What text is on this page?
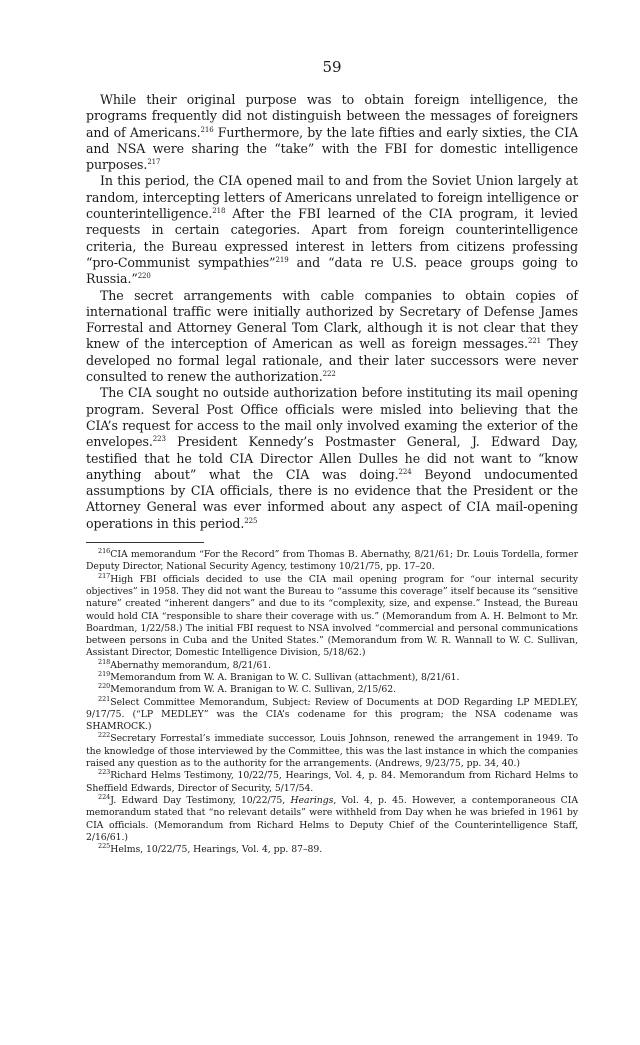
59

While their original purpose was to obtain foreign intelligence, the programs frequently did not distinguish between the messages of foreigners and of Americans.$^{216}$ Furthermore, by the late fifties and early sixties, the CIA and NSA were sharing the “take” with the FBI for domestic intelligence purposes.$^{217}$

In this period, the CIA opened mail to and from the Soviet Union largely at random, intercepting letters of Americans unrelated to foreign intelligence or counterintelligence.$^{218}$ After the FBI learned of the CIA program, it levied requests in certain categories. Apart from foreign counterintelligence criteria, the Bureau expressed interest in letters from citizens professing “pro-Communist sympathies”$^{219}$ and “data re U.S. peace groups going to Russia.”$^{220}$

The secret arrangements with cable companies to obtain copies of international traffic were initially authorized by Secretary of Defense James Forrestal and Attorney General Tom Clark, although it is not clear that they knew of the interception of American as well as foreign messages.$^{221}$ They developed no formal legal rationale, and their later successors were never consulted to renew the authorization.$^{222}$

The CIA sought no outside authorization before instituting its mail opening program. Several Post Office officials were misled into believing that the CIA’s request for access to the mail only involved examing the exterior of the envelopes.$^{223}$ President Kennedy’s Postmaster General, J. Edward Day, testified that he told CIA Director Allen Dulles he did not want to “know anything about” what the CIA was doing.$^{224}$ Beyond undocumented assumptions by CIA officials, there is no evidence that the President or the Attorney General was ever informed about any aspect of CIA mail-opening operations in this period.$^{225}$

$^{216}$CIA memorandum “For the Record” from Thomas B. Abernathy, 8/21/61; Dr. Louis Tordella, former Deputy Director, National Security Agency, testimony 10/21/75, pp. 17–20.

$^{217}$High FBI officials decided to use the CIA mail opening program for “our internal security objectives” in 1958. They did not want the Bureau to “assume this coverage” itself because its “sensitive nature” created “inherent dangers” and due to its “complexity, size, and expense.” Instead, the Bureau would hold CIA “responsible to share their coverage with us.” (Memorandum from A. H. Belmont to Mr. Boardman, 1/22/58.) The initial FBI request to NSA involved “commercial and personal communications between persons in Cuba and the United States.” (Memorandum from W. R. Wannall to W. C. Sullivan, Assistant Director, Domestic Intelligence Division, 5/18/62.)

$^{218}$Abernathy memorandum, 8/21/61.

$^{219}$Memorandum from W. A. Branigan to W. C. Sullivan (attachment), 8/21/61.

$^{220}$Memorandum from W. A. Branigan to W. C. Sullivan, 2/15/62.

$^{221}$Select Committee Memorandum, Subject: Review of Documents at DOD Regarding LP MEDLEY, 9/17/75. (“LP MEDLEY” was the CIA’s codename for this program; the NSA codename was SHAMROCK.)

$^{222}$Secretary Forrestal’s immediate successor, Louis Johnson, renewed the arrangement in 1949. To the knowledge of those interviewed by the Committee, this was the last instance in which the companies raised any question as to the authority for the arrangements. (Andrews, 9/23/75, pp. 34, 40.)

$^{223}$Richard Helms Testimony, 10/22/75, Hearings, Vol. 4, p. 84. Memorandum from Richard Helms to Sheffield Edwards, Director of Security, 5/17/54.

$^{224}$J. Edward Day Testimony, 10/22/75, Hearings, Vol. 4, p. 45. However, a contemporaneous CIA memorandum stated that “no relevant details” were withheld from Day when he was briefed in 1961 by CIA officials. (Memorandum from Richard Helms to Deputy Chief of the Counterintelligence Staff, 2/16/61.)

$^{225}$Helms, 10/22/75, Hearings, Vol. 4, pp. 87–89.
